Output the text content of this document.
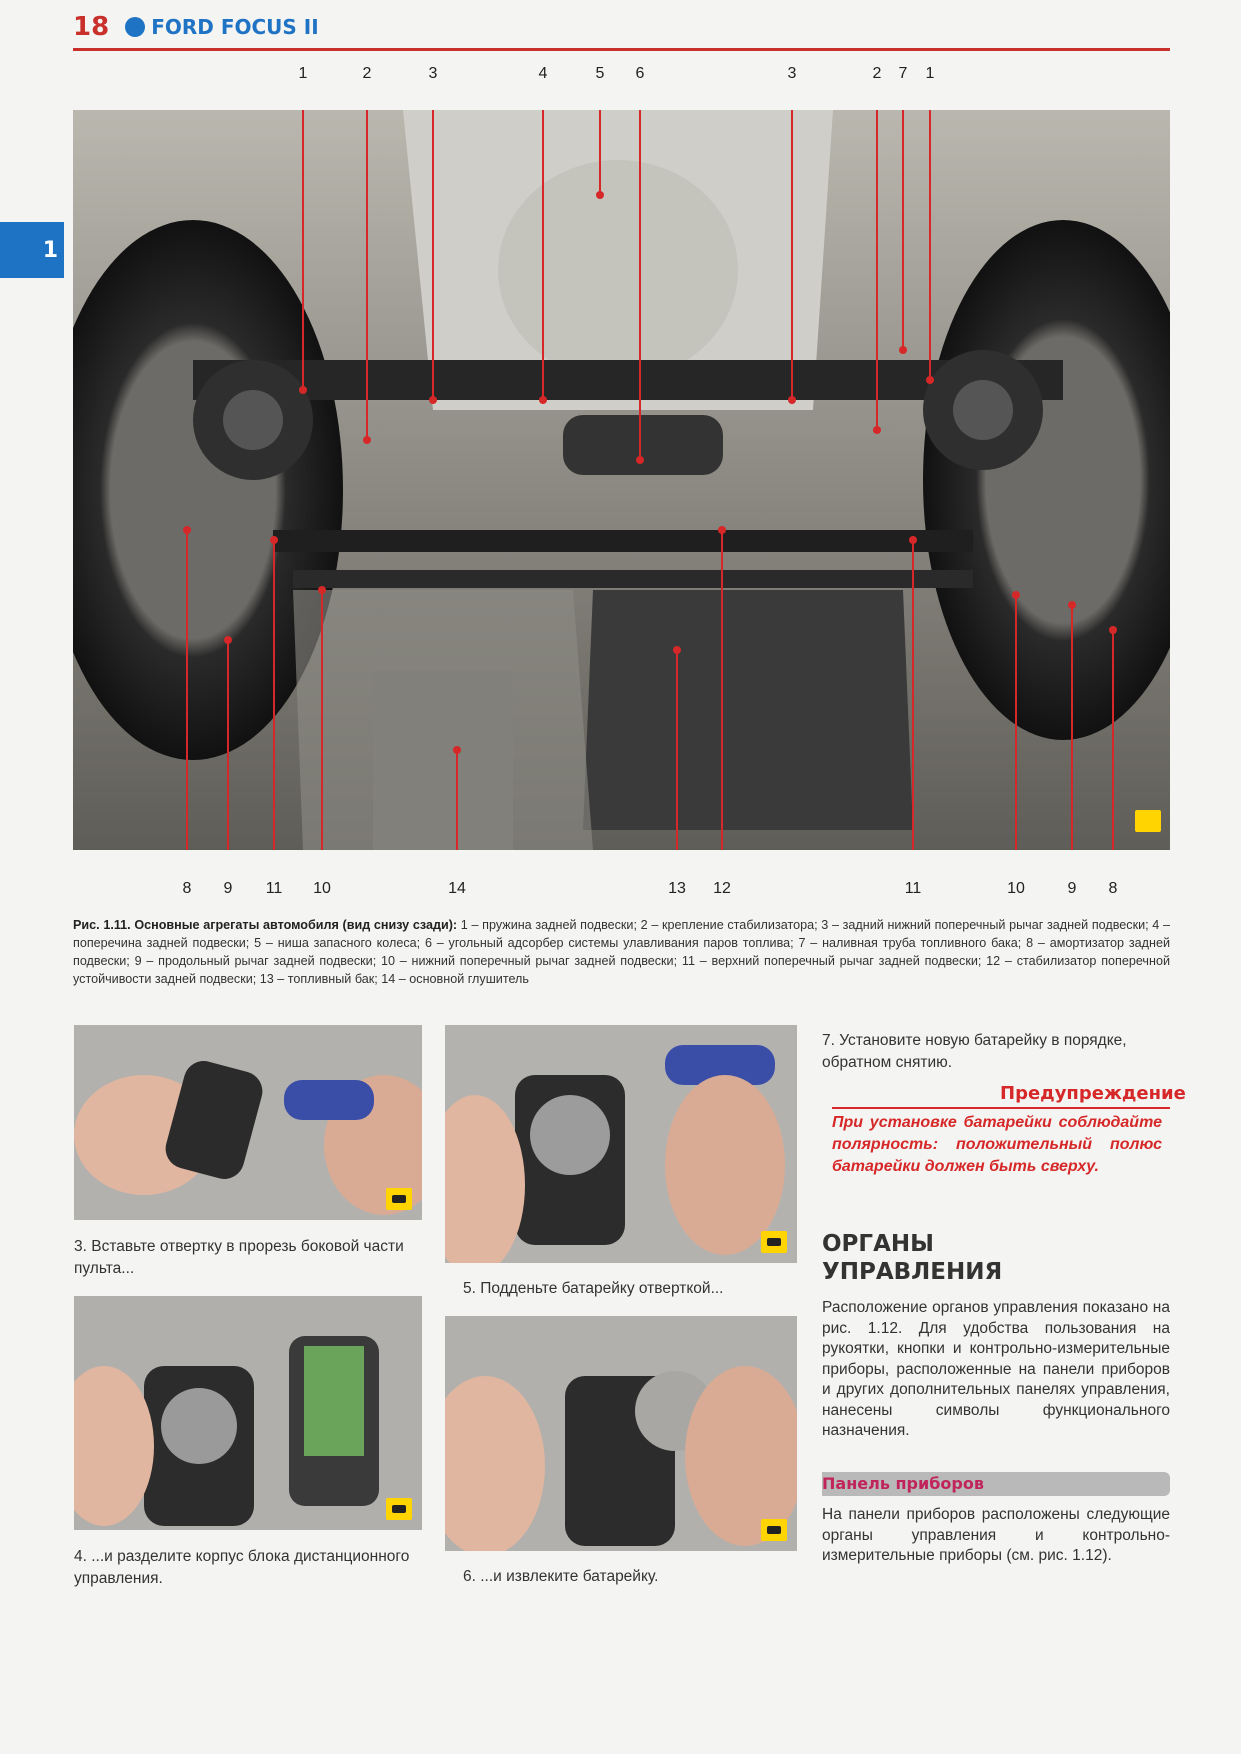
18 FORD FOCUS II
1
1	2	3	4	5	6	3	2	7	1
8	9	11 10	14	13 12	11	10	9	8
Рис. 1.11. Основные агрегаты автомобиля (вид снизу сзади): 1 – пружина задней подвески; 2 – крепление стабилизатора; 3 – задний нижний поперечный рычаг задней подвески; 4 – поперечина задней подвески; 5 – ниша запасного колеса; 6 – угольный адсорбер системы улавливания паров топлива; 7 – наливная труба топливного бака; 8 – амортизатор задней подвески; 9 – продольный рычаг задней подвески; 10 – нижний поперечный рычаг задней подвески; 11 – верхний поперечный рычаг задней подвески; 12 – стабилизатор поперечной устойчивости задней подвески; 13 – топливный бак; 14 – основной глушитель
3. Вставьте отвертку в прорезь боковой части пульта...
4. ...и разделите корпус блока дистанционного управления.
5. Подденьте батарейку отверткой...
6. ...и извлеките батарейку.
7. Установите новую батарейку в порядке, обратном снятию.
Предупреждение
При установке батарейки соблюдайте полярность: положительный полюс батарейки должен быть сверху.
ОРГАНЫ
УПРАВЛЕНИЯ
Расположение органов управления показано на рис. 1.12. Для удобства пользования на рукоятки, кнопки и контрольно-измерительные приборы, расположенные на панели приборов и других дополнительных панелях управления, нанесены символы функционального назначения.
Панель приборов
На панели приборов расположены следующие органы управления и контрольно-измерительные приборы (см. рис. 1.12).
